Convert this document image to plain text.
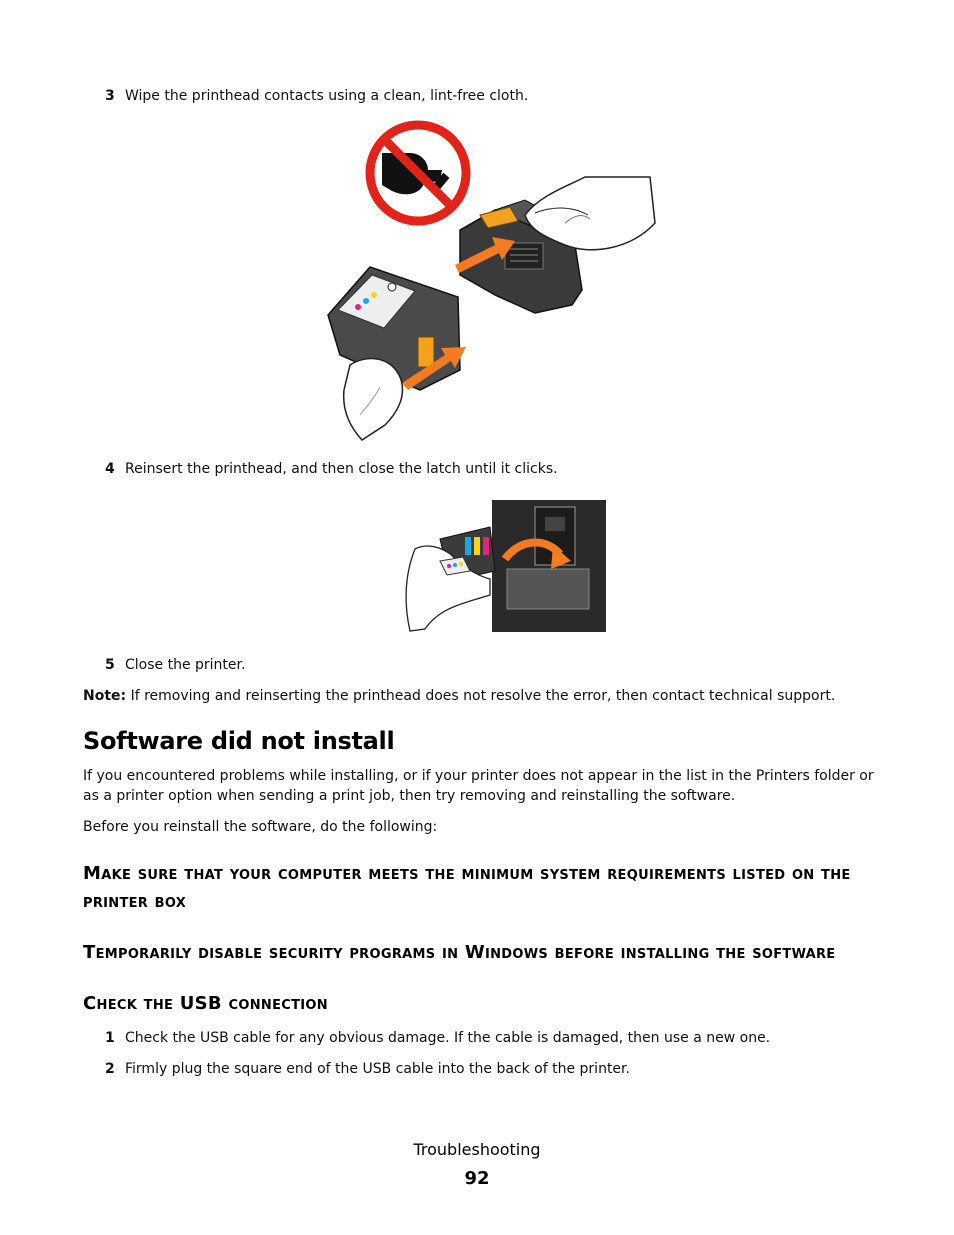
3 Wipe the printhead contacts using a clean, lint-free cloth.
4 Reinsert the printhead, and then close the latch until it clicks.
5 Close the printer.
Note: If removing and reinserting the printhead does not resolve the error, then contact technical support.
Software did not install
If you encountered problems while installing, or if your printer does not appear in the list in the Printers folder or as a printer option when sending a print job, then try removing and reinstalling the software.
Before you reinstall the software, do the following:
Make sure that your computer meets the minimum system requirements listed on the printer box
Temporarily disable security programs in Windows before installing the software
Check the USB connection
1 Check the USB cable for any obvious damage. If the cable is damaged, then use a new one.
2 Firmly plug the square end of the USB cable into the back of the printer.
Troubleshooting
92
